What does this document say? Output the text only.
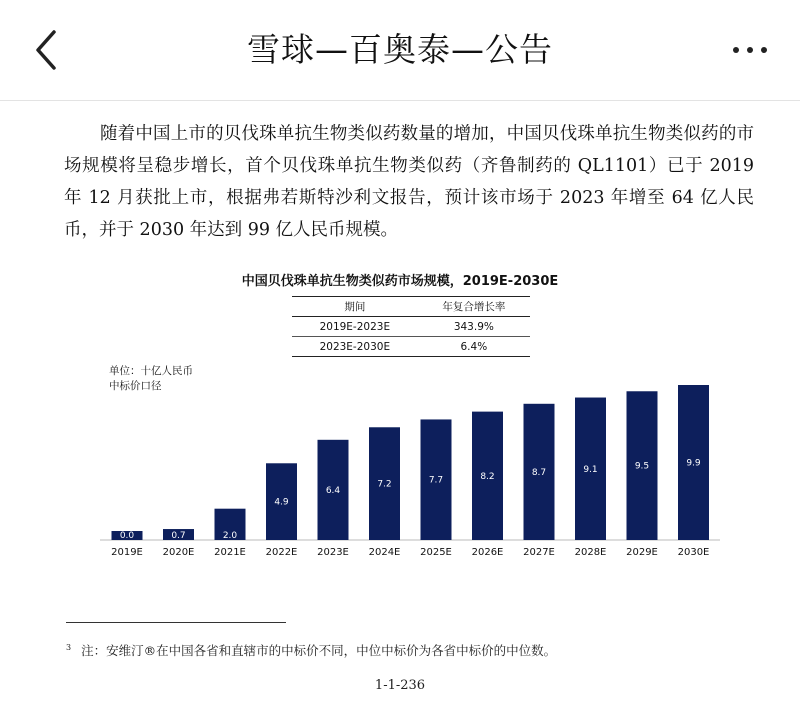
雪球—百奥泰—公告
随着中国上市的贝伐珠单抗生物类似药数量的增加，中国贝伐珠单抗生物类似药的市场规模将呈稳步增长，首个贝伐珠单抗生物类似药（齐鲁制药的 QL1101）已于 2019 年 12 月获批上市，根据弗若斯特沙利文报告，预计该市场于 2023 年增至 64 亿人民币，并于 2030 年达到 99 亿人民币规模。
中国贝伐珠单抗生物类似药市场规模，2019E-2030E
期间	年复合增长率
2019E-2023E	343.9%
2023E-2030E	6.4%
单位：十亿人民币
中标价口径
0.0
2019E
0.7
2020E
2.0
2021E
4.9
2022E
6.4
2023E
7.2
2024E
7.7
2025E
8.2
2026E
8.7
2027E
9.1
2028E
9.5
2029E
9.9
2030E
$^3$ 注：安维汀®在中国各省和直辖市的中标价不同，中位中标价为各省中标价的中位数。
1-1-236
